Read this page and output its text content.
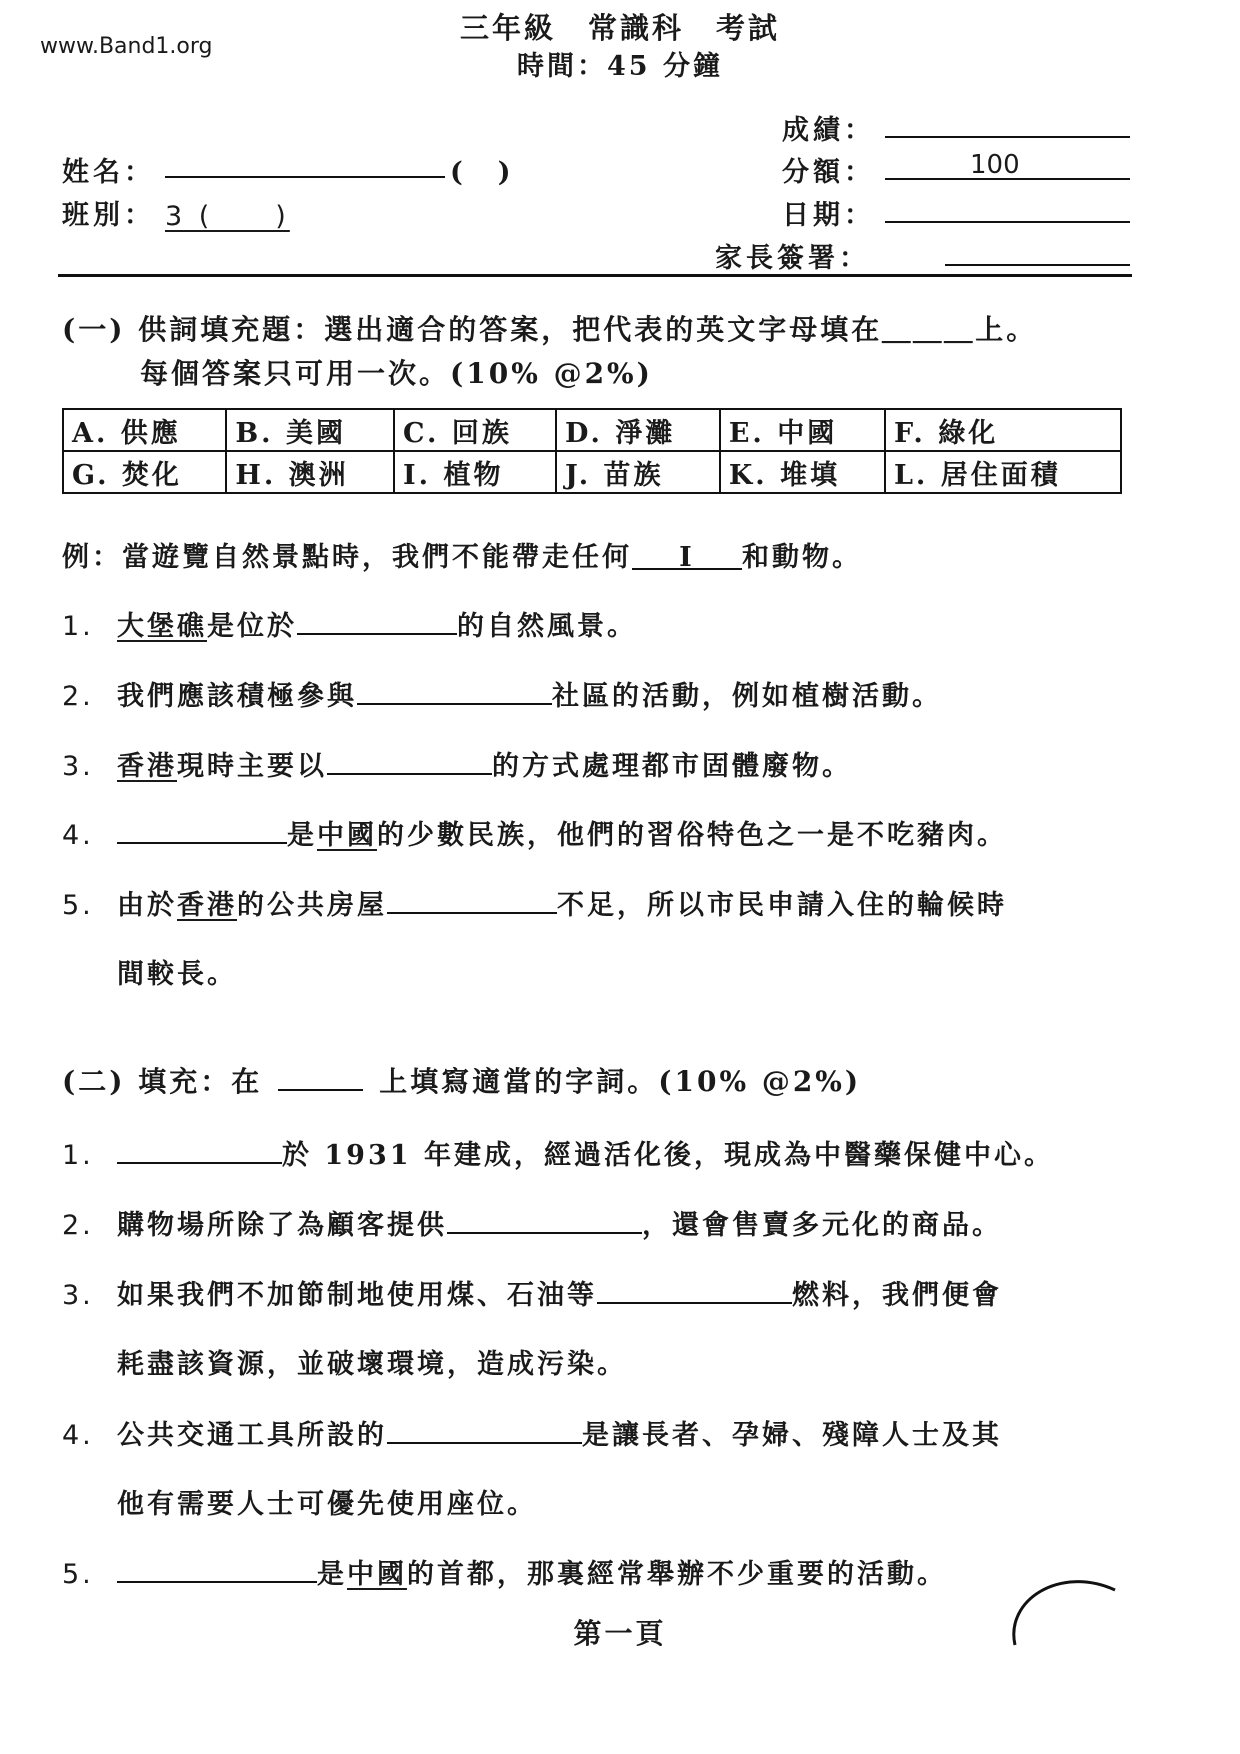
www.Band1.org
三年級　常識科　考試
時間：45 分鐘
姓名：	(　)
班別： 3 (　　)
成績：
分額：	100
日期：
家長簽署：
(一) 供詞填充題：選出適合的答案，把代表的英文字母填在＿＿＿上。
每個答案只可用一次。(10% @2%)
A. 供應	B. 美國	C. 回族	D. 淨灘	E. 中國	F. 綠化
G. 焚化	H. 澳洲	I. 植物	J. 苗族	K. 堆填	L. 居住面積
例：當遊覽自然景點時，我們不能帶走任何 I 和動物。
1. 大堡礁是位於	的自然風景。
2. 我們應該積極參與	社區的活動，例如植樹活動。
3. 香港現時主要以	的方式處理都市固體廢物。
4.	是中國的少數民族，他們的習俗特色之一是不吃豬肉。
5. 由於香港的公共房屋	不足，所以市民申請入住的輪候時
間較長。
(二) 填充：在	上填寫適當的字詞。(10% @2%)
1.	於 1931 年建成，經過活化後，現成為中醫藥保健中心。
2. 購物場所除了為顧客提供	，還會售賣多元化的商品。
3. 如果我們不加節制地使用煤、石油等	燃料，我們便會
耗盡該資源，並破壞環境，造成污染。
4. 公共交通工具所設的	是讓長者、孕婦、殘障人士及其
他有需要人士可優先使用座位。
5.	是中國的首都，那裏經常舉辦不少重要的活動。
第一頁
